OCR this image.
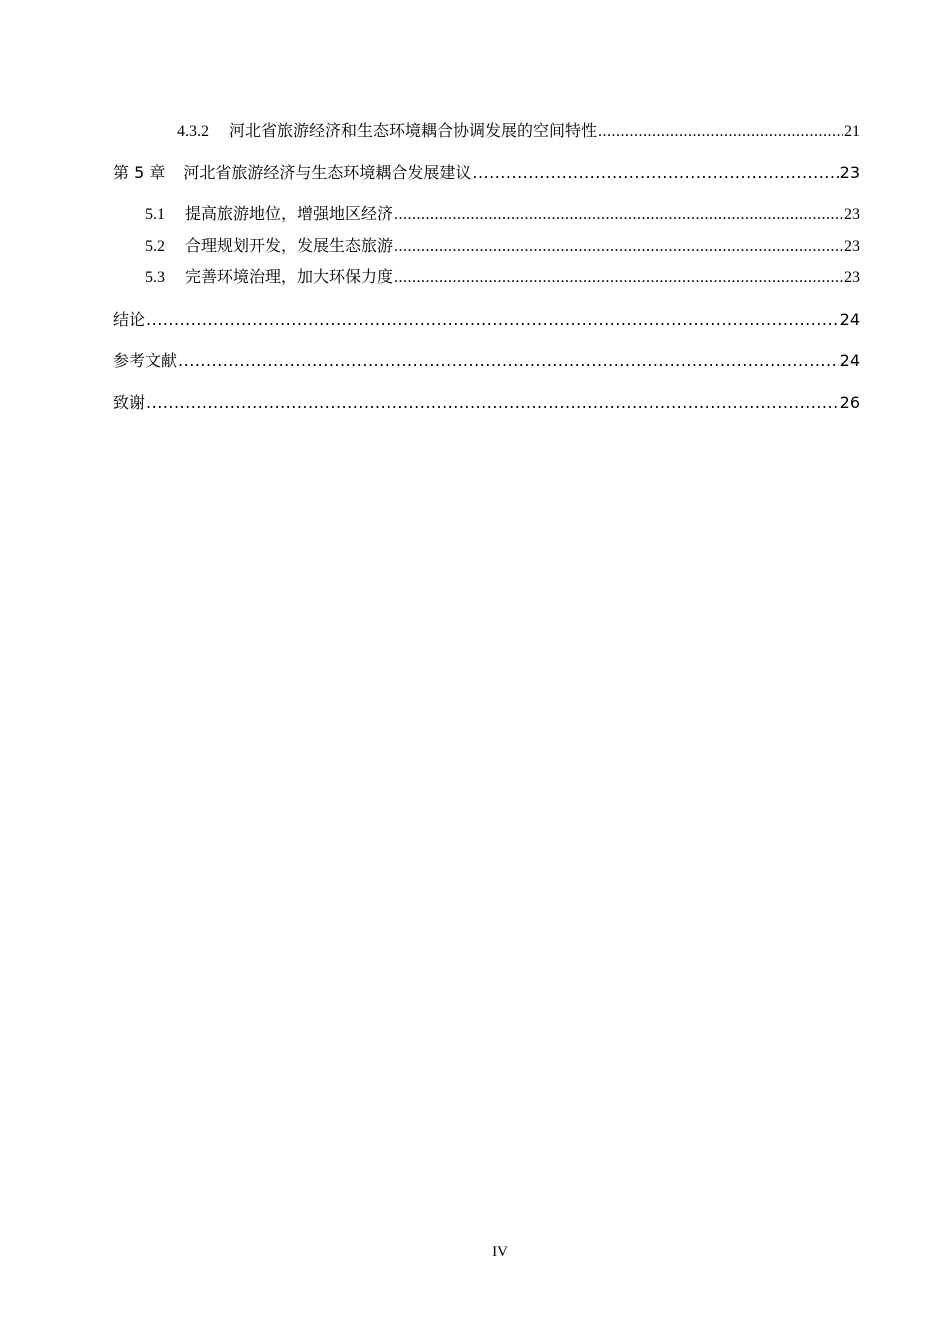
4.3.2 河北省旅游经济和生态环境耦合协调发展的空间特性 .....	21
第 5 章 河北省旅游经济与生态环境耦合发展建议 .....	23
5.1 提高旅游地位，增强地区经济 .....	23
5.2 合理规划开发，发展生态旅游 .....	23
5.3 完善环境治理，加大环保力度 .....	23
结论 .....	24
参考文献 .....	24
致谢 .....	26
IV
